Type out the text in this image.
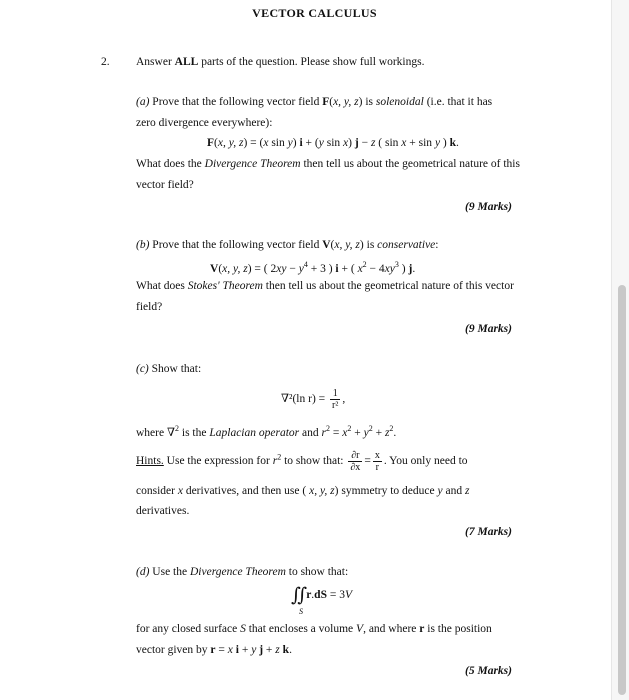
VECTOR CALCULUS
2. Answer ALL parts of the question. Please show full workings.
(a) Prove that the following vector field F(x, y, z) is solenoidal (i.e. that it has
zero divergence everywhere):
F(x, y, z) = (x sin y) i + (y sin x) j − z ( sin x + sin y ) k.
What does the Divergence Theorem then tell us about the geometrical nature of this
vector field?
(9 Marks)
(b) Prove that the following vector field V(x, y, z) is conservative:
V(x, y, z) = ( $2xy - y^4 + 3$ ) i + ( $x^2 - 4xy^3$ ) j.
What does Stokes' Theorem then tell us about the geometrical nature of this vector
field?
(9 Marks)
(c) Show that:
∇²(ln $r) = \frac{1}{\text{r²}}$ ,
where ∇$^2$ is the Laplacian operator and $r^2 = x^2 + y^2 + z^2$.
Hints. Use the expression for $r^2$ to show that: $\frac{\partial r}{\partial x} = \frac{x}{r}$ . You only need to
consider x derivatives, and then use ( x, y, z) symmetry to deduce y and z
derivatives.
(7 Marks)
(d) Use the Divergence Theorem to show that:
∬ r.dS = 3V
S
for any closed surface S that encloses a volume V, and where r is the position
vector given by r = x i + y j + z k.
(5 Marks)
